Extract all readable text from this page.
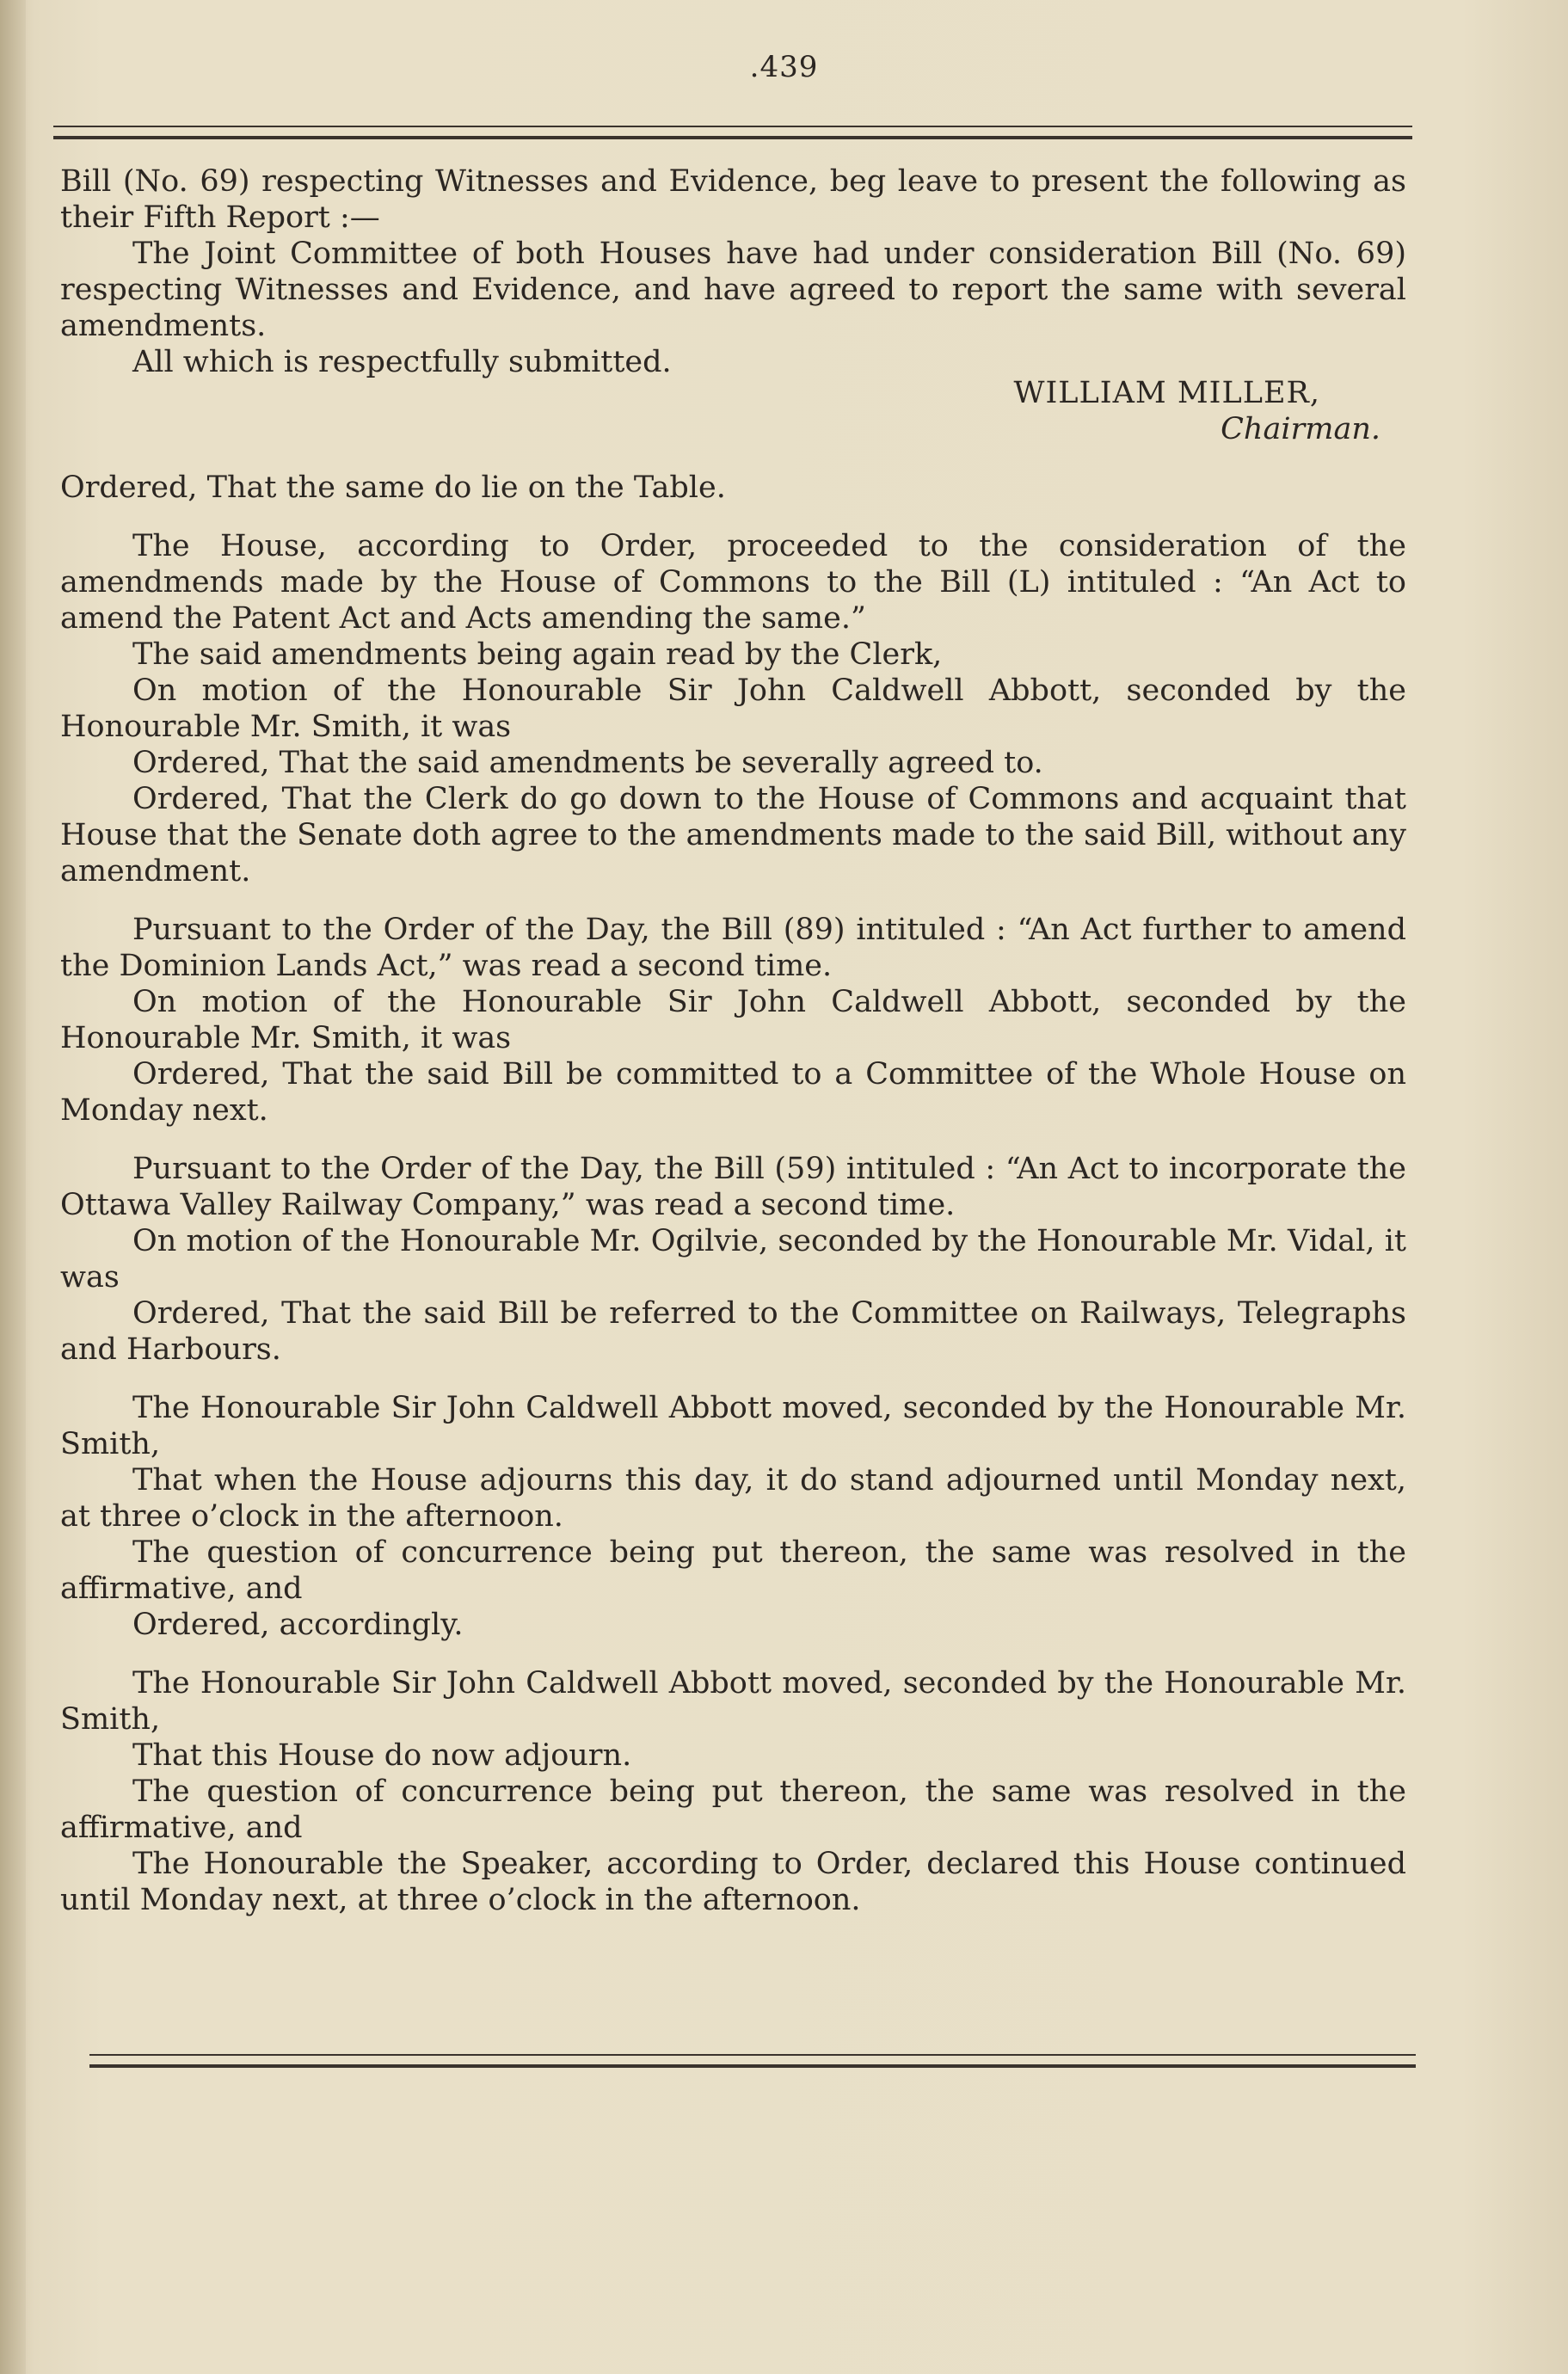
.439

Bill (No. 69) respecting Witnesses and Evidence, beg leave to present the following as their Fifth Report :—

The Joint Committee of both Houses have had under consideration Bill (No. 69) respecting Witnesses and Evidence, and have agreed to report the same with several amendments.

All which is respectfully submitted.

WILLIAM MILLER,

Chairman.

Ordered, That the same do lie on the Table.

The House, according to Order, proceeded to the consideration of the amendmends made by the House of Commons to the Bill (L) intituled : “An Act to amend the Patent Act and Acts amending the same.”

The said amendments being again read by the Clerk,

On motion of the Honourable Sir John Caldwell Abbott, seconded by the Honourable Mr. Smith, it was

Ordered, That the said amendments be severally agreed to.

Ordered, That the Clerk do go down to the House of Commons and acquaint that House that the Senate doth agree to the amendments made to the said Bill, without any amendment.

Pursuant to the Order of the Day, the Bill (89) intituled : “An Act further to amend the Dominion Lands Act,” was read a second time.

On motion of the Honourable Sir John Caldwell Abbott, seconded by the Honourable Mr. Smith, it was

Ordered, That the said Bill be committed to a Committee of the Whole House on Monday next.

Pursuant to the Order of the Day, the Bill (59) intituled : “An Act to incorporate the Ottawa Valley Railway Company,” was read a second time.

On motion of the Honourable Mr. Ogilvie, seconded by the Honourable Mr. Vidal, it was

Ordered, That the said Bill be referred to the Committee on Railways, Telegraphs and Harbours.

The Honourable Sir John Caldwell Abbott moved, seconded by the Honourable Mr. Smith,

That when the House adjourns this day, it do stand adjourned until Monday next, at three o’clock in the afternoon.

The question of concurrence being put thereon, the same was resolved in the affirmative, and

Ordered, accordingly.

The Honourable Sir John Caldwell Abbott moved, seconded by the Honourable Mr. Smith,

That this House do now adjourn.

The question of concurrence being put thereon, the same was resolved in the affirmative, and

The Honourable the Speaker, according to Order, declared this House continued until Monday next, at three o’clock in the afternoon.
